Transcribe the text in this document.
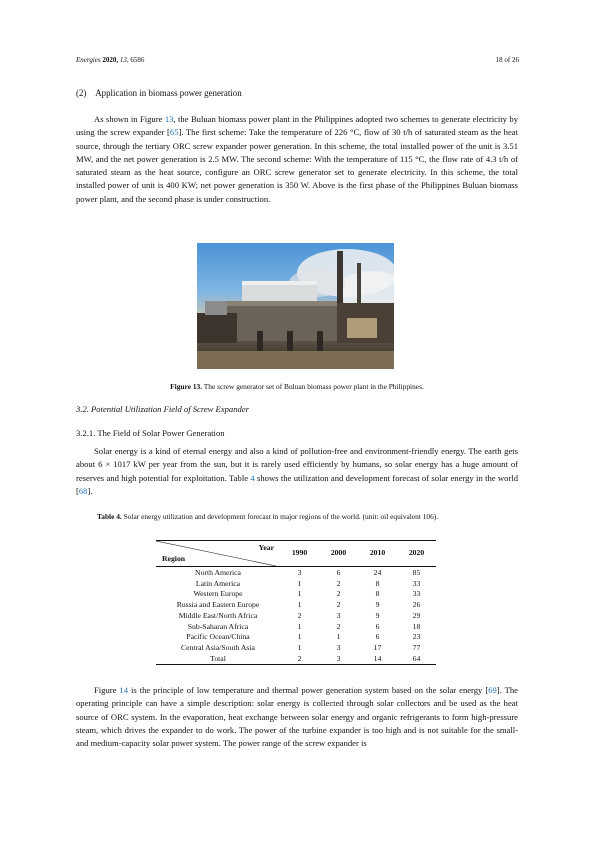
Energies 2020, 13, 6586	18 of 26
(2) Application in biomass power generation
As shown in Figure 13, the Buluan biomass power plant in the Philippines adopted two schemes to generate electricity by using the screw expander [65]. The first scheme: Take the temperature of 226 °C, flow of 30 t/h of saturated steam as the heat source, through the tertiary ORC screw expander power generation. In this scheme, the total installed power of the unit is 3.51 MW, and the net power generation is 2.5 MW. The second scheme: With the temperature of 115 °C, the flow rate of 4.3 t/h of saturated steam as the heat source, configure an ORC screw generator set to generate electricity. In this scheme, the total installed power of unit is 400 KW; net power generation is 350 W. Above is the first phase of the Philippines Buluan biomass power plant, and the second phase is under construction.
Figure 13. The screw generator set of Buluan biomass power plant in the Philippines.
3.2. Potential Utilization Field of Screw Expander
3.2.1. The Field of Solar Power Generation
Solar energy is a kind of eternal energy and also a kind of pollution-free and environment-friendly energy. The earth gets about 6 × 1017 kW per year from the sun, but it is rarely used efficiently by humans, so solar energy has a huge amount of reserves and high potential for exploitation. Table 4 shows the utilization and development forecast of solar energy in the world [68].
Table 4. Solar energy utilization and development forecast in major regions of the world. (unit: oil equivalent 106).
Year
Region	1990	2000	2010	2020
North America	3	6	24	85
Latin America	1	2	8	33
Western Europe	1	2	8	33
Russia and Eastern Europe	1	2	9	26
Middle East/North Africa	2	3	9	29
Sub-Saharan Africa	1	2	6	18
Pacific Ocean/China	1	1	6	23
Central Asia/South Asia	1	3	17	77
Total	2	3	14	64
Figure 14 is the principle of low temperature and thermal power generation system based on the solar energy [69]. The operating principle can have a simple description: solar energy is collected through solar collectors and be used as the heat source of ORC system. In the evaporation, heat exchange between solar energy and organic refrigerants to form high-pressure steam, which drives the expander to do work. The power of the turbine expander is too high and is not suitable for the small- and medium-capacity solar power system. The power range of the screw expander is
